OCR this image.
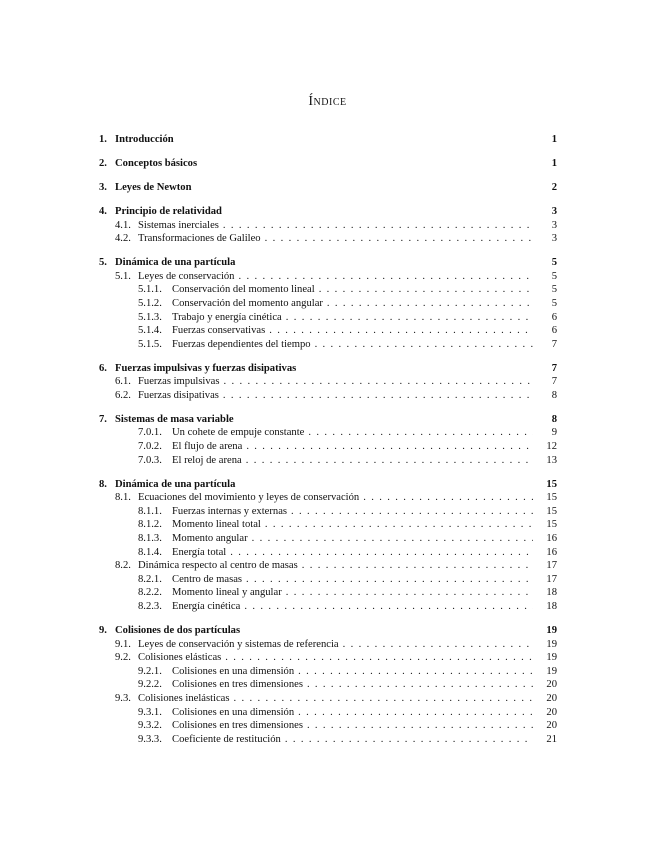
Índice
1. Introducción	1
2. Conceptos básicos	1
3. Leyes de Newton	2
4. Principio de relatividad	3
4.1. Sistemas inerciales . . .	3
4.2. Transformaciones de Galileo . . .	3
5. Dinámica de una partícula	5
5.1. Leyes de conservación . . .	5
5.1.1. Conservación del momento lineal . . .	5
5.1.2. Conservación del momento angular . . .	5
5.1.3. Trabajo y energía cinética . . .	6
5.1.4. Fuerzas conservativas . . .	6
5.1.5. Fuerzas dependientes del tiempo . . .	7
6. Fuerzas impulsivas y fuerzas disipativas	7
6.1. Fuerzas impulsivas . . .	7
6.2. Fuerzas disipativas . . .	8
7. Sistemas de masa variable	8
7.0.1. Un cohete de empuje constante . . .	9
7.0.2. El flujo de arena . . .	12
7.0.3. El reloj de arena . . .	13
8. Dinámica de una partícula	15
8.1. Ecuaciones del movimiento y leyes de conservación . . .	15
8.1.1. Fuerzas internas y externas . . .	15
8.1.2. Momento lineal total . . .	15
8.1.3. Momento angular . . .	16
8.1.4. Energía total . . .	16
8.2. Dinámica respecto al centro de masas . . .	17
8.2.1. Centro de masas . . .	17
8.2.2. Momento lineal y angular . . .	18
8.2.3. Energía cinética . . .	18
9. Colisiones de dos partículas	19
9.1. Leyes de conservación y sistemas de referencia . . .	19
9.2. Colisiones elásticas . . .	19
9.2.1. Colisiones en una dimensión . . .	19
9.2.2. Colisiones en tres dimensiones . . .	20
9.3. Colisiones inelásticas . . .	20
9.3.1. Colisiones en una dimensión . . .	20
9.3.2. Colisiones en tres dimensiones . . .	20
9.3.3. Coeficiente de restitución . . .	21
